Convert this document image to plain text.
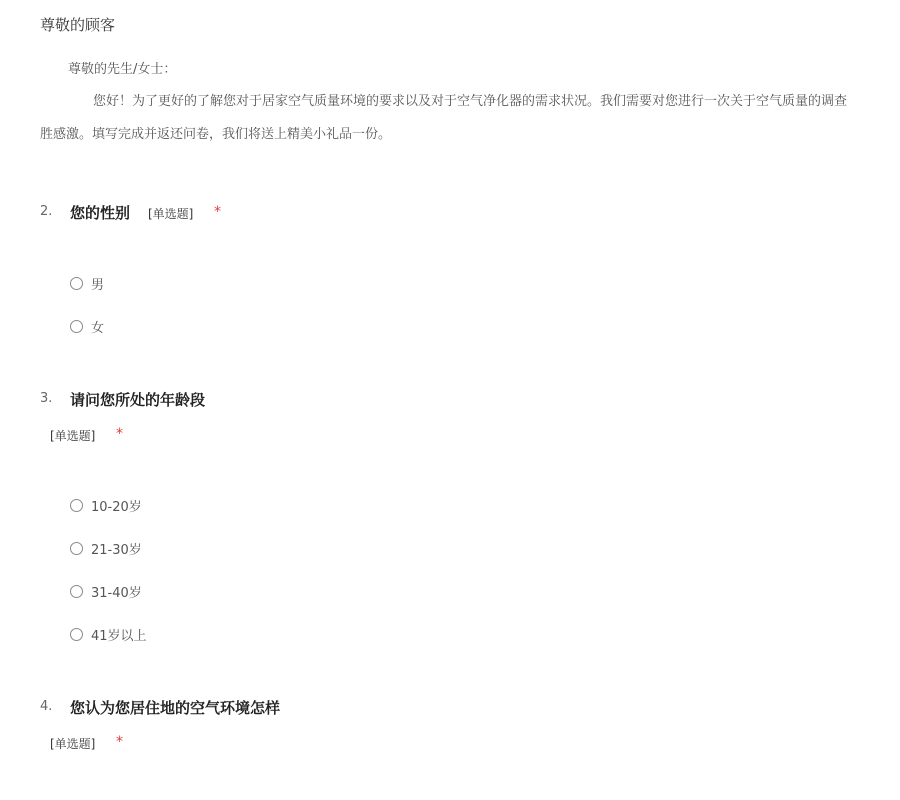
尊敬的顾客
尊敬的先生/女士：
您好！为了更好的了解您对于居家空气质量环境的要求以及对于空气净化器的需求状况。我们需要对您进行一次关于空气质量的调查
胜感激。填写完成并返还问卷，我们将送上精美小礼品一份。
2. 您的性别 [单选题] *
男
女
3. 请问您所处的年龄段
[单选题] *
10-20岁
21-30岁
31-40岁
41岁以上
4. 您认为您居住地的空气环境怎样
[单选题] *
